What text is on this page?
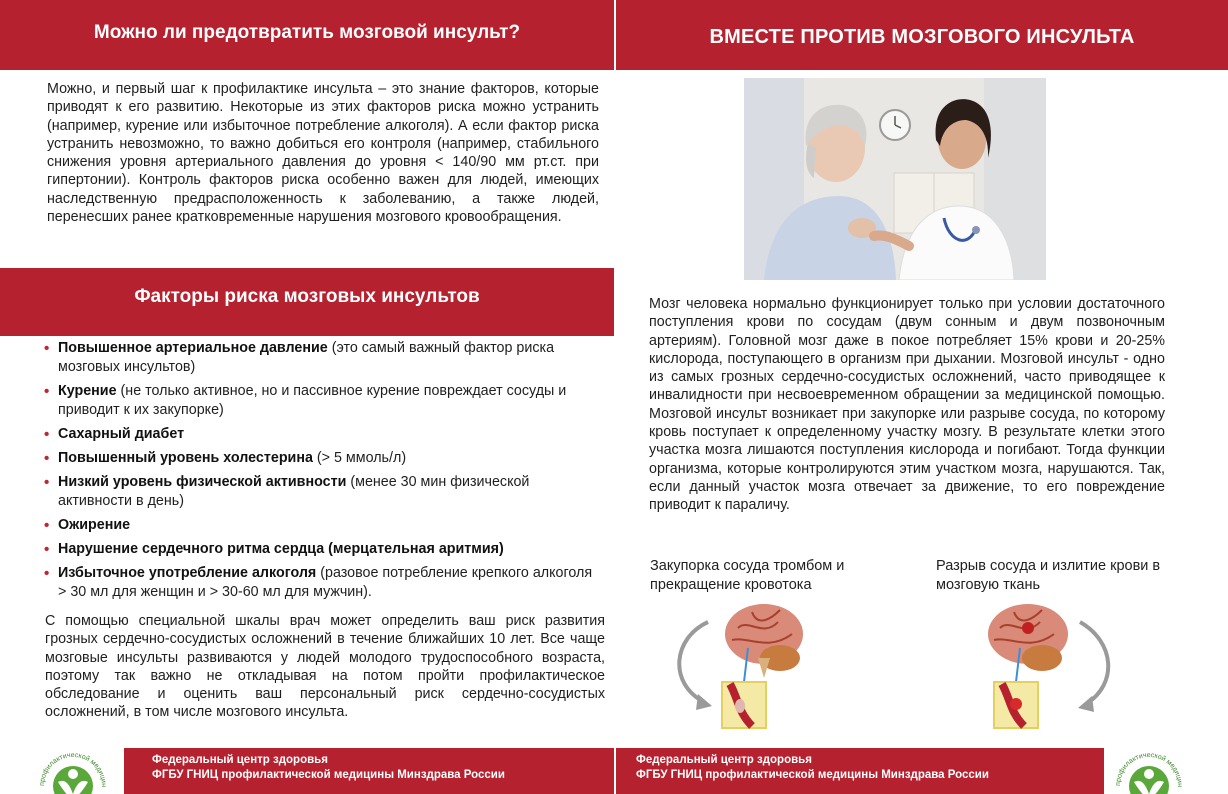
Можно ли предотвратить мозговой инсульт?	ВМЕСТЕ ПРОТИВ МОЗГОВОГО ИНСУЛЬТА

Можно, и первый шаг к профилактике инсульта – это знание факторов, которые приводят к его развитию. Некоторые из этих факторов риска можно устранить (например, курение или избыточное потребление алкоголя). А если фактор риска устранить невозможно, то важно добиться его контроля (например, стабильного снижения уровня артериального давления до уровня < 140/90 мм рт.ст. при гипертонии). Контроль факторов риска особенно важен для людей, имеющих наследственную предрасположенность к заболеванию, а также людей, перенесших ранее кратковременные нарушения мозгового кровообращения.

Факторы риска мозговых инсультов
• Повышенное артериальное давление (это самый важный фактор риска мозговых инсультов)
• Курение (не только активное, но и пассивное курение повреждает сосуды и приводит к их закупорке)
• Сахарный диабет
• Повышенный уровень холестерина (> 5 ммоль/л)
• Низкий уровень физической активности (менее 30 мин физической активности в день)
• Ожирение
• Нарушение сердечного ритма сердца (мерцательная аритмия)
• Избыточное употребление алкоголя (разовое потребление крепкого алкоголя > 30 мл для женщин и > 30-60 мл для мужчин).

С помощью специальной шкалы врач может определить ваш риск развития грозных сердечно-сосудистых осложнений в течение ближайших 10 лет. Все чаще мозговые инсульты развиваются у людей молодого трудоспособного возраста, поэтому так важно не откладывая на потом пройти профилактическое обследование и оценить ваш персональный риск сердечно-сосудистых осложнений, в том числе мозгового инсульта.

Мозг человека нормально функционирует только при условии достаточного поступления крови по сосудам (двум сонным и двум позвоночным артериям). Головной мозг даже в покое потребляет 15% крови и 20-25% кислорода, поступающего в организм при дыхании. Мозговой инсульт - одно из самых грозных сердечно-сосудистых осложнений, часто приводящее к инвалидности при несвоевременном обращении за медицинской помощью. Мозговой инсульт возникает при закупорке или разрыве сосуда, по которому кровь поступает к определенному участку мозгу. В результате клетки этого участка мозга лишаются поступления кислорода и погибают. Тогда функции организма, которые контролируются этим участком мозга, нарушаются. Так, если данный участок мозга отвечает за движение, то его повреждение приводит к параличу.

Закупорка сосуда тромбом и прекращение кровотока
Разрыв сосуда и излитие крови в мозговую ткань
Федеральный центр здоровья
ФГБУ ГНИЦ профилактической медицины Минздрава России
Федеральный центр здоровья
ФГБУ ГНИЦ профилактической медицины Минздрава России
профилактической медицин	профилактической медицин
